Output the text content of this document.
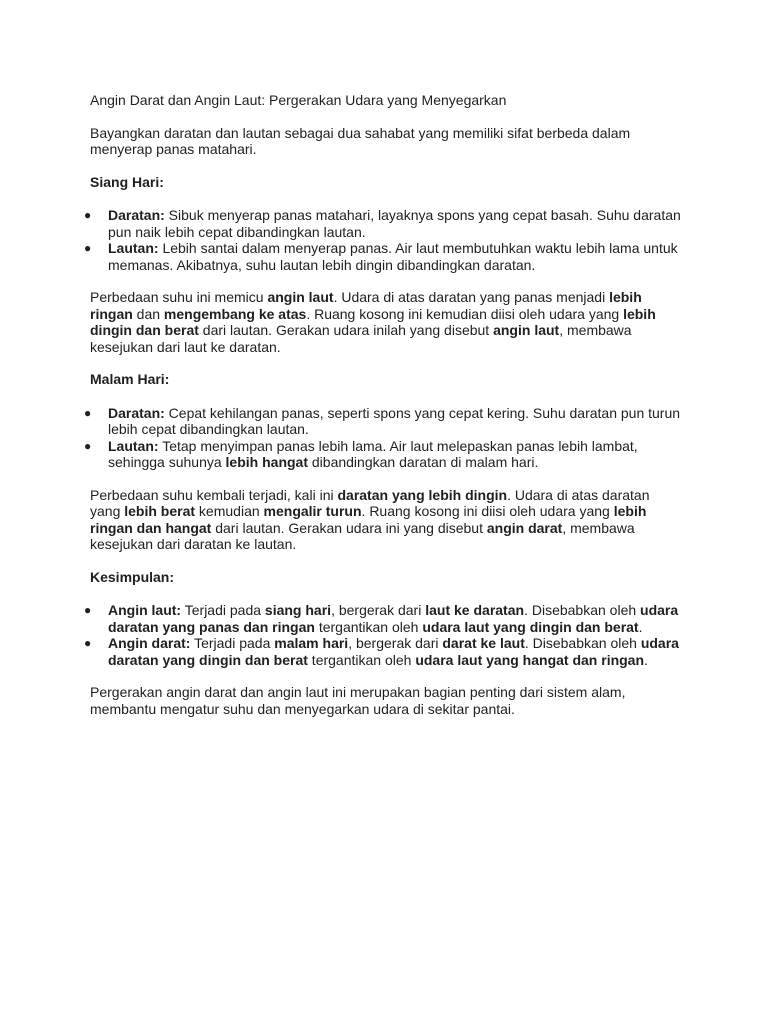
Angin Darat dan Angin Laut: Pergerakan Udara yang Menyegarkan

Bayangkan daratan dan lautan sebagai dua sahabat yang memiliki sifat berbeda dalam menyerap panas matahari.

Siang Hari:

● Daratan: Sibuk menyerap panas matahari, layaknya spons yang cepat basah. Suhu daratan pun naik lebih cepat dibandingkan lautan.
● Lautan: Lebih santai dalam menyerap panas. Air laut membutuhkan waktu lebih lama untuk memanas. Akibatnya, suhu lautan lebih dingin dibandingkan daratan.

Perbedaan suhu ini memicu angin laut. Udara di atas daratan yang panas menjadi lebih ringan dan mengembang ke atas. Ruang kosong ini kemudian diisi oleh udara yang lebih dingin dan berat dari lautan. Gerakan udara inilah yang disebut angin laut, membawa kesejukan dari laut ke daratan.

Malam Hari:

● Daratan: Cepat kehilangan panas, seperti spons yang cepat kering. Suhu daratan pun turun lebih cepat dibandingkan lautan.
● Lautan: Tetap menyimpan panas lebih lama. Air laut melepaskan panas lebih lambat, sehingga suhunya lebih hangat dibandingkan daratan di malam hari.

Perbedaan suhu kembali terjadi, kali ini daratan yang lebih dingin. Udara di atas daratan yang lebih berat kemudian mengalir turun. Ruang kosong ini diisi oleh udara yang lebih ringan dan hangat dari lautan. Gerakan udara ini yang disebut angin darat, membawa kesejukan dari daratan ke lautan.

Kesimpulan:

● Angin laut: Terjadi pada siang hari, bergerak dari laut ke daratan. Disebabkan oleh udara daratan yang panas dan ringan tergantikan oleh udara laut yang dingin dan berat.
● Angin darat: Terjadi pada malam hari, bergerak dari darat ke laut. Disebabkan oleh udara daratan yang dingin dan berat tergantikan oleh udara laut yang hangat dan ringan.

Pergerakan angin darat dan angin laut ini merupakan bagian penting dari sistem alam, membantu mengatur suhu dan menyegarkan udara di sekitar pantai.
